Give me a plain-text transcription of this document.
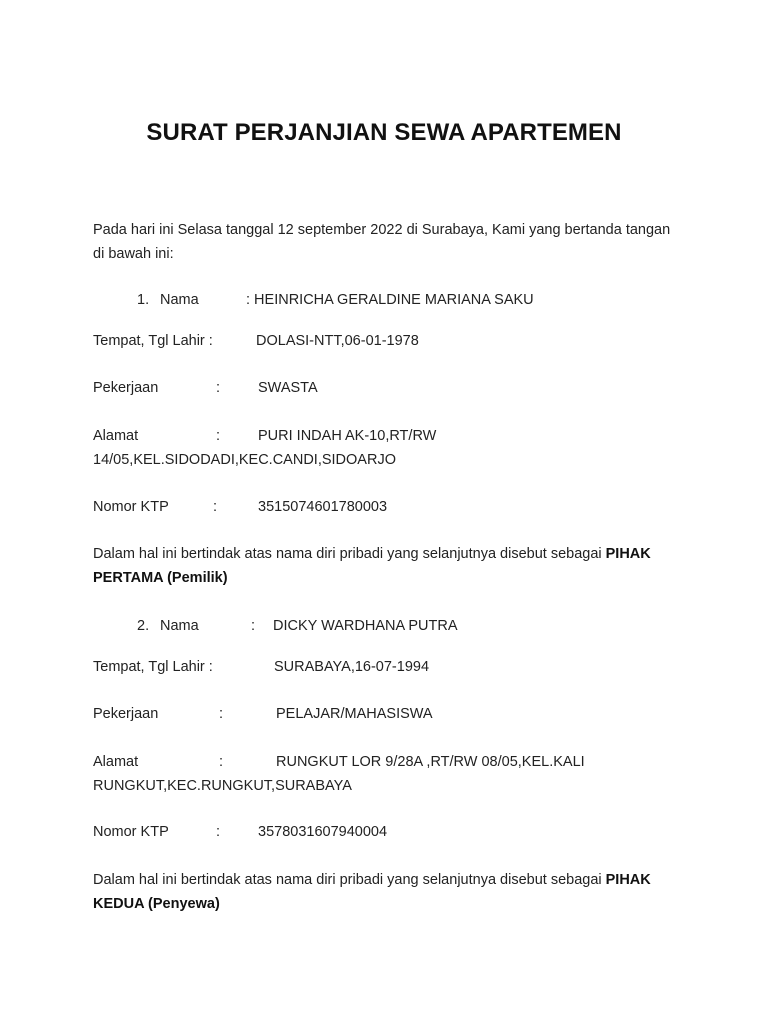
SURAT PERJANJIAN SEWA APARTEMEN
Pada hari ini Selasa tanggal 12 september 2022 di Surabaya, Kami yang bertanda tangan di bawah ini:
1. Nama	: HEINRICHA GERALDINE MARIANA SAKU
Tempat, Tgl Lahir :	DOLASI-NTT,06-01-1978
Pekerjaan	:	SWASTA
Alamat	:	PURI INDAH AK-10,RT/RW
14/05,KEL.SIDODADI,KEC.CANDI,SIDOARJO
Nomor KTP	:	3515074601780003
Dalam hal ini bertindak atas nama diri pribadi yang selanjutnya disebut sebagai PIHAK PERTAMA (Pemilik)
2. Nama	: DICKY WARDHANA PUTRA
Tempat, Tgl Lahir :	SURABAYA,16-07-1994
Pekerjaan	:	PELAJAR/MAHASISWA
Alamat	:	RUNGKUT LOR 9/28A ,RT/RW 08/05,KEL.KALI
RUNGKUT,KEC.RUNGKUT,SURABAYA
Nomor KTP	:	3578031607940004
Dalam hal ini bertindak atas nama diri pribadi yang selanjutnya disebut sebagai PIHAK KEDUA (Penyewa)
